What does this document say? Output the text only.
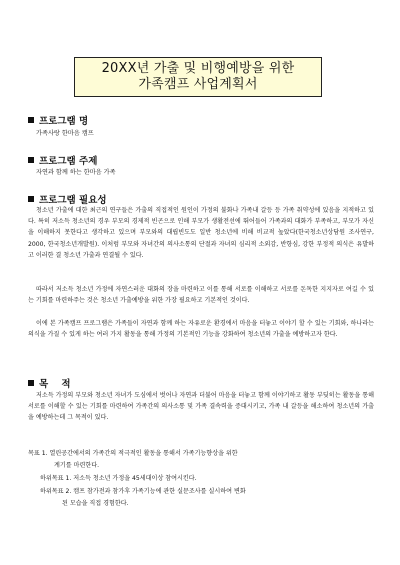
20XX년 가출 및 비행예방을 위한
가족캠프 사업계획서
프로그램 명
가족사랑 한마음 캠프
프로그램 주제
자연과 함께 하는 한마음 가족
프로그램 필요성
청소년 가출에 대한 최근의 연구들은 가출의 직접적인 원인이 가정의 불화나 가족내 갈등 등 가족 취약성에 있음을 지적하고 있다. 특히 저소득 청소년의 경우 부모의 경제적 빈곤으로 인해 부모가 생활전선에 뛰어들어 가족과의 대화가 부족하고, 부모가 자신을 이해하지 못한다고 생각하고 있으며 부모와의 대립빈도도 일반 청소년에 비해 비교적 높았다(한국청소년상담원 조사연구, 2000, 한국청소년개발원). 이처럼 부모와 자녀간의 의사소통의 단절과 자녀의 심리적 소외감, 반항심, 강한 부정적 의식은 유발하고 이러한 결 청소년 가출과 연결될 수 있다.
따라서 저소득 청소년 가정에 자연스러운 대화의 장을 마련하고 이를 통해 서로를 이해하고 서로를 돈독한 지지자로 여길 수 있는 기회를 마련하주는 것은 청소년 가출예방을 위한 가장 필요하고 기본적인 것이다.
이에 본 가족캠프 프로그램은 가족들이 자연과 함께 하는 자유로운 환경에서 마음을 터놓고 이야기 할 수 있는 기회와, 하나라는 의식을 가질 수 있게 하는 여러 가지 활동을 통해 가정의 기본적인 기능을 강화하여 청소년의 가출을 예방하고자 한다.
목    적
저소득 가정의 부모와 청소년 자녀가 도심에서 벗어나 자연과 더불어 마음을 터놓고 함께 이야기하고 활동 부딪히는 활동을 통해 서로를 이해할 수 있는 기회를 마련하여 가족간의 의사소통 및 가족 결속력을 증대시키고, 가족 내 갈등을 해소하여 청소년의 가출을 예방하는데 그 목적이 있다.
목표 1. 열린공간에서의 가족간의 적극적인 활동을 통해서 가족기능향상을 위한
계기를 마련한다.
하위목표 1. 저소득 청소년 가정을 45세대이상 참여시킨다.
하위목표 2. 캠프 참가전과 참가후 가족기능에 관한 실문조사를 실시하여 변화
된 모습을 직접 경험한다.
